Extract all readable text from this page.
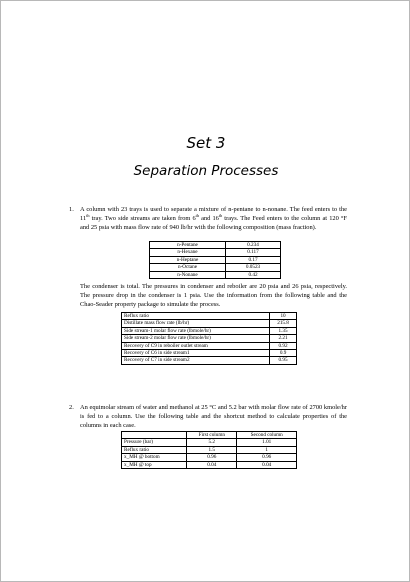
Set 3
Separation Processes
1. A column with 23 trays is used to separate a mixture of n-pentane to n-nonane. The feed enters to the 11th tray. Two side streams are taken from 6th and 16th trays. The Feed enters to the column at 120 °F and 25 psia with mass flow rate of 940 lb/hr with the following composition (mass fraction).
n-Pentane	0.234
n-Hexane	0.117
n-Heptane	0.17
n-Octane	0.0523
n-Nonane	0.42
The condenser is total. The pressures in condenser and reboiler are 20 psia and 26 psia, respectively. The pressure drop in the condenser is 1 psia. Use the information from the following table and the Chao-Seader property package to simulate the process.
Reflux ratio	10
Distillate mass flow rate (lb/hr)	215.8
Side stream-1 molar flow rate (lbmole/hr)	1.35
Side stream-2 molar flow rate (lbmole/hr)	2.21
Recovery of C9 in reboiler outlet stream	0.92
Recovery of C6 in side stream1	0.9
Recovery of C7 in side stream2	0.95
2. An equimolar stream of water and methanol at 25 °C and 5.2 bar with molar flow rate of 2700 kmole/hr is fed to a column. Use the following table and the shortcut method to calculate properties of the columns in each case.
	First column	Second column
Pressure (bar)	5.2	1.01
Reflux ratio	1.5	1
x_MH @ bottom	0.96	0.96
x_MH @ top	0.04	0.04
